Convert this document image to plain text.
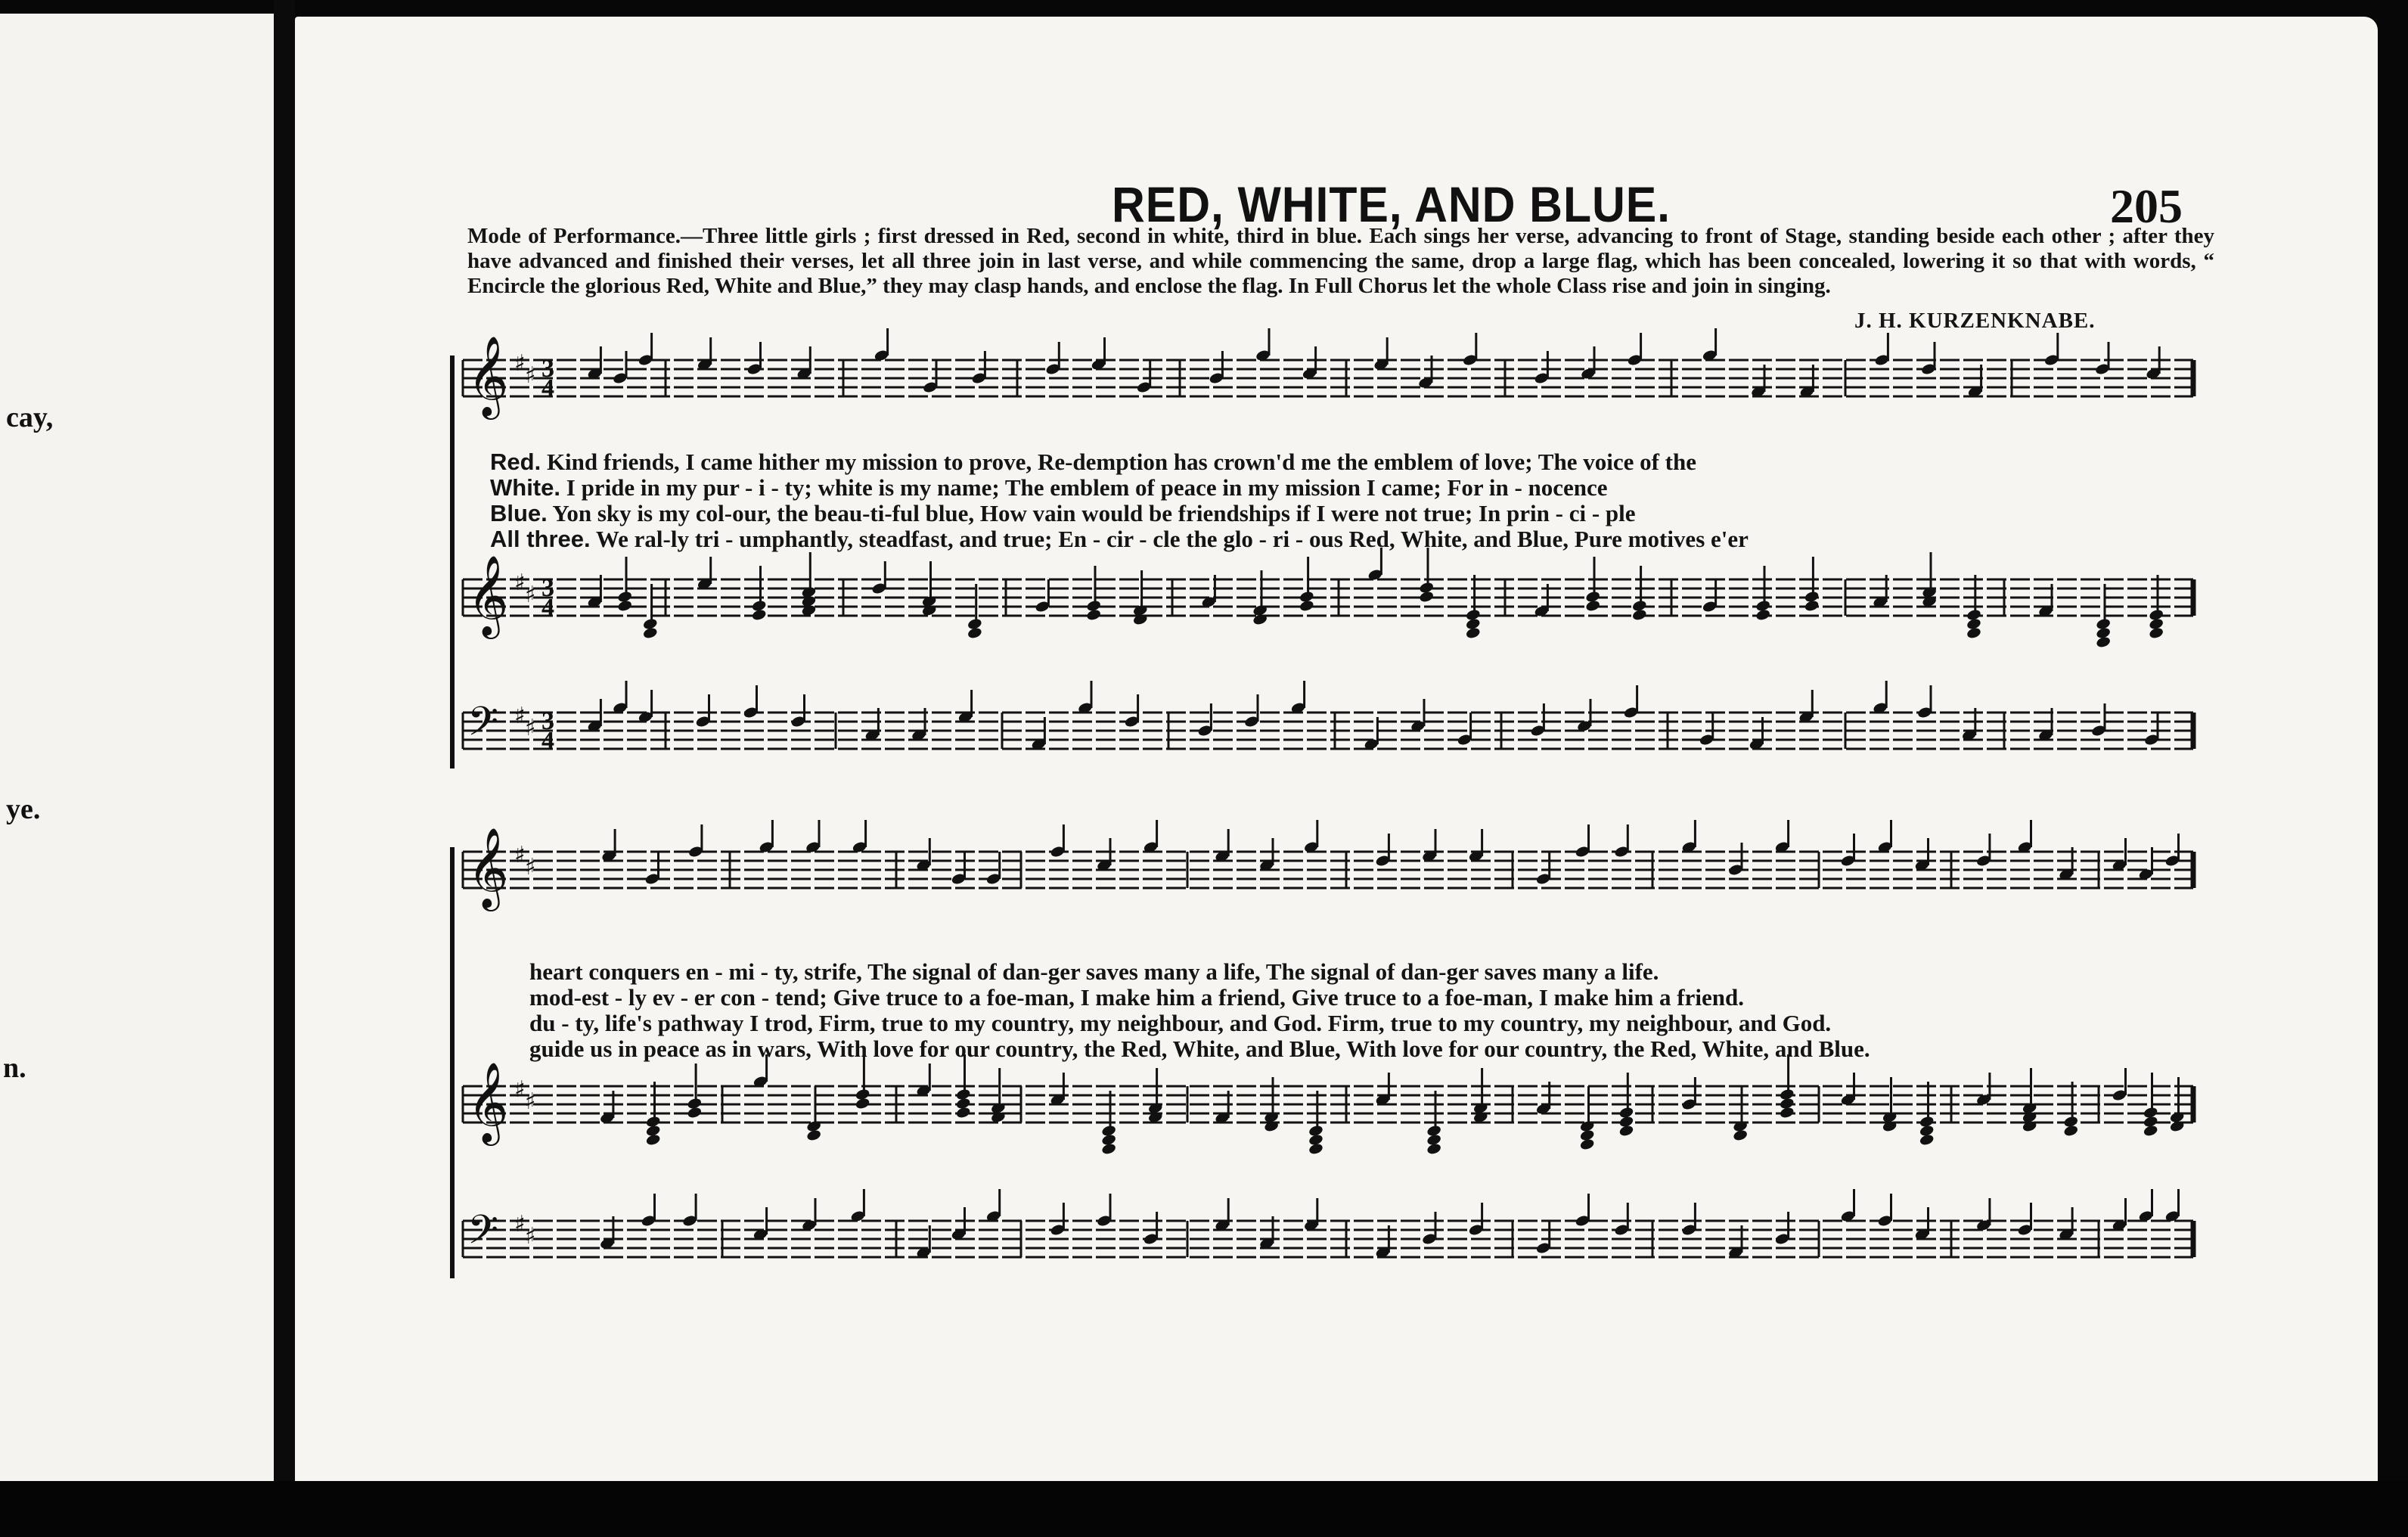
cay,
ye.
n.
RED, WHITE, AND BLUE.	205
Mode of Performance.—Three little girls ; first dressed in Red, second in white, third in blue. Each sings her verse, advancing to front of Stage, standing beside each other ; after they have advanced and finished their verses, let all three join in last verse, and while commencing the same, drop a large flag, which has been concealed, lowering it so that with words, “ Encircle the glorious Red, White and Blue,” they may clasp hands, and enclose the flag. In Full Chorus let the whole Class rise and join in singing.
J. H. KURZENKNABE.
Red. Kind friends, I came hither my mission to prove, Re-demption has crown'd me the emblem of love; The voice of the
White. I pride in my pur - i - ty; white is my name; The emblem of peace in my mission I came; For in - nocence
Blue. Yon sky is my col-our, the beau-ti-ful blue, How vain would be friendships if I were not true; In prin - ci - ple
All three. We ral-ly tri - umphantly, steadfast, and true; En - cir - cle the glo - ri - ous Red, White, and Blue, Pure motives e'er
heart conquers en - mi - ty, strife, The signal of dan-ger saves many a life, The signal of dan-ger saves many a life.
mod-est - ly ev - er con - tend; Give truce to a foe-man, I make him a friend, Give truce to a foe-man, I make him a friend.
du - ty, life's pathway I trod, Firm, true to my country, my neighbour, and God. Firm, true to my country, my neighbour, and God.
guide us in peace as in wars, With love for our country, the Red, White, and Blue, With love for our country, the Red, White, and Blue.
𝄞 ♯ ♯ 3
4
𝄞 ♯ ♯ 3
4
𝄢 ♯ ♯ 3
4
𝄞 ♯ ♯
𝄞 ♯ ♯
𝄢 ♯ ♯
